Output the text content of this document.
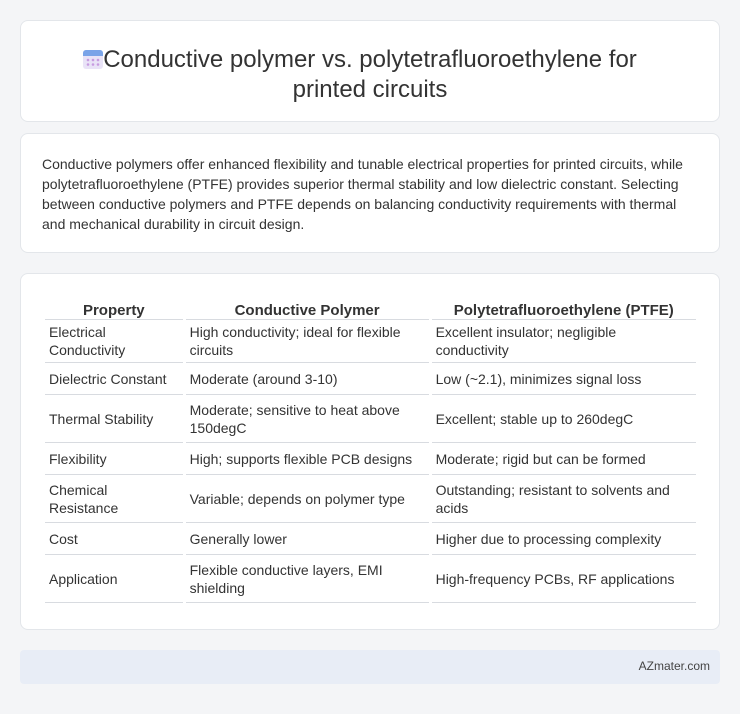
Conductive polymer vs. polytetrafluoroethylene for
printed circuits

Conductive polymers offer enhanced flexibility and tunable electrical properties for printed circuits, while polytetrafluoroethylene (PTFE) provides superior thermal stability and low dielectric constant. Selecting between conductive polymers and PTFE depends on balancing conductivity requirements with thermal and mechanical durability in circuit design.

Property	Conductive Polymer	Polytetrafluoroethylene (PTFE)
Electrical Conductivity	High conductivity; ideal for flexible circuits	Excellent insulator; negligible conductivity
Dielectric Constant	Moderate (around 3-10)	Low (~2.1), minimizes signal loss
Thermal Stability	Moderate; sensitive to heat above 150degC	Excellent; stable up to 260degC
Flexibility	High; supports flexible PCB designs	Moderate; rigid but can be formed
Chemical Resistance	Variable; depends on polymer type	Outstanding; resistant to solvents and acids
Cost	Generally lower	Higher due to processing complexity
Application	Flexible conductive layers, EMI shielding	High-frequency PCBs, RF applications
AZmater.com
